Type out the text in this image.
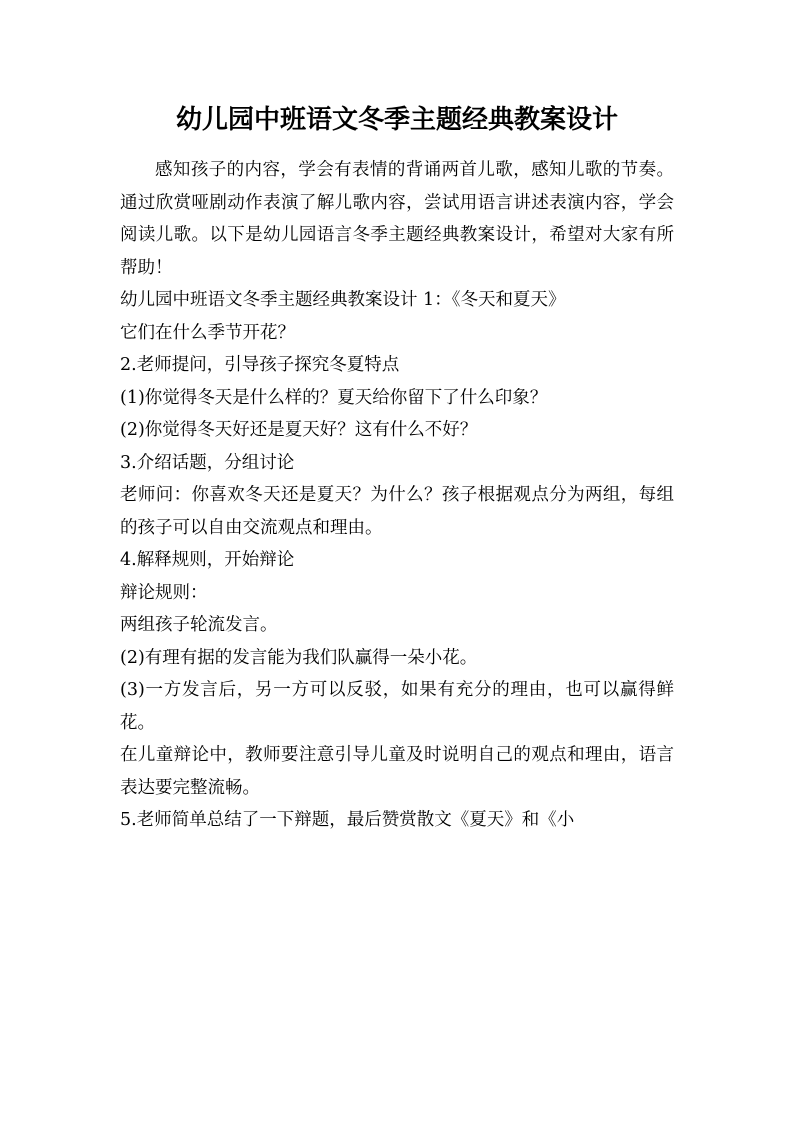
幼儿园中班语文冬季主题经典教案设计

感知孩子的内容，学会有表情的背诵两首儿歌，感知儿歌的节奏。通过欣赏哑剧动作表演了解儿歌内容，尝试用语言讲述表演内容，学会阅读儿歌。以下是幼儿园语言冬季主题经典教案设计，希望对大家有所帮助！

幼儿园中班语文冬季主题经典教案设计 1：《冬天和夏天》

它们在什么季节开花？

2.老师提问，引导孩子探究冬夏特点

(1)你觉得冬天是什么样的？夏天给你留下了什么印象？

(2)你觉得冬天好还是夏天好？这有什么不好？

3.介绍话题，分组讨论

老师问：你喜欢冬天还是夏天？为什么？孩子根据观点分为两组，每组的孩子可以自由交流观点和理由。

4.解释规则，开始辩论

辩论规则：

两组孩子轮流发言。

(2)有理有据的发言能为我们队赢得一朵小花。

(3)一方发言后，另一方可以反驳，如果有充分的理由，也可以赢得鲜花。

在儿童辩论中，教师要注意引导儿童及时说明自己的观点和理由，语言表达要完整流畅。

5.老师简单总结了一下辩题，最后赞赏散文《夏天》和《小
